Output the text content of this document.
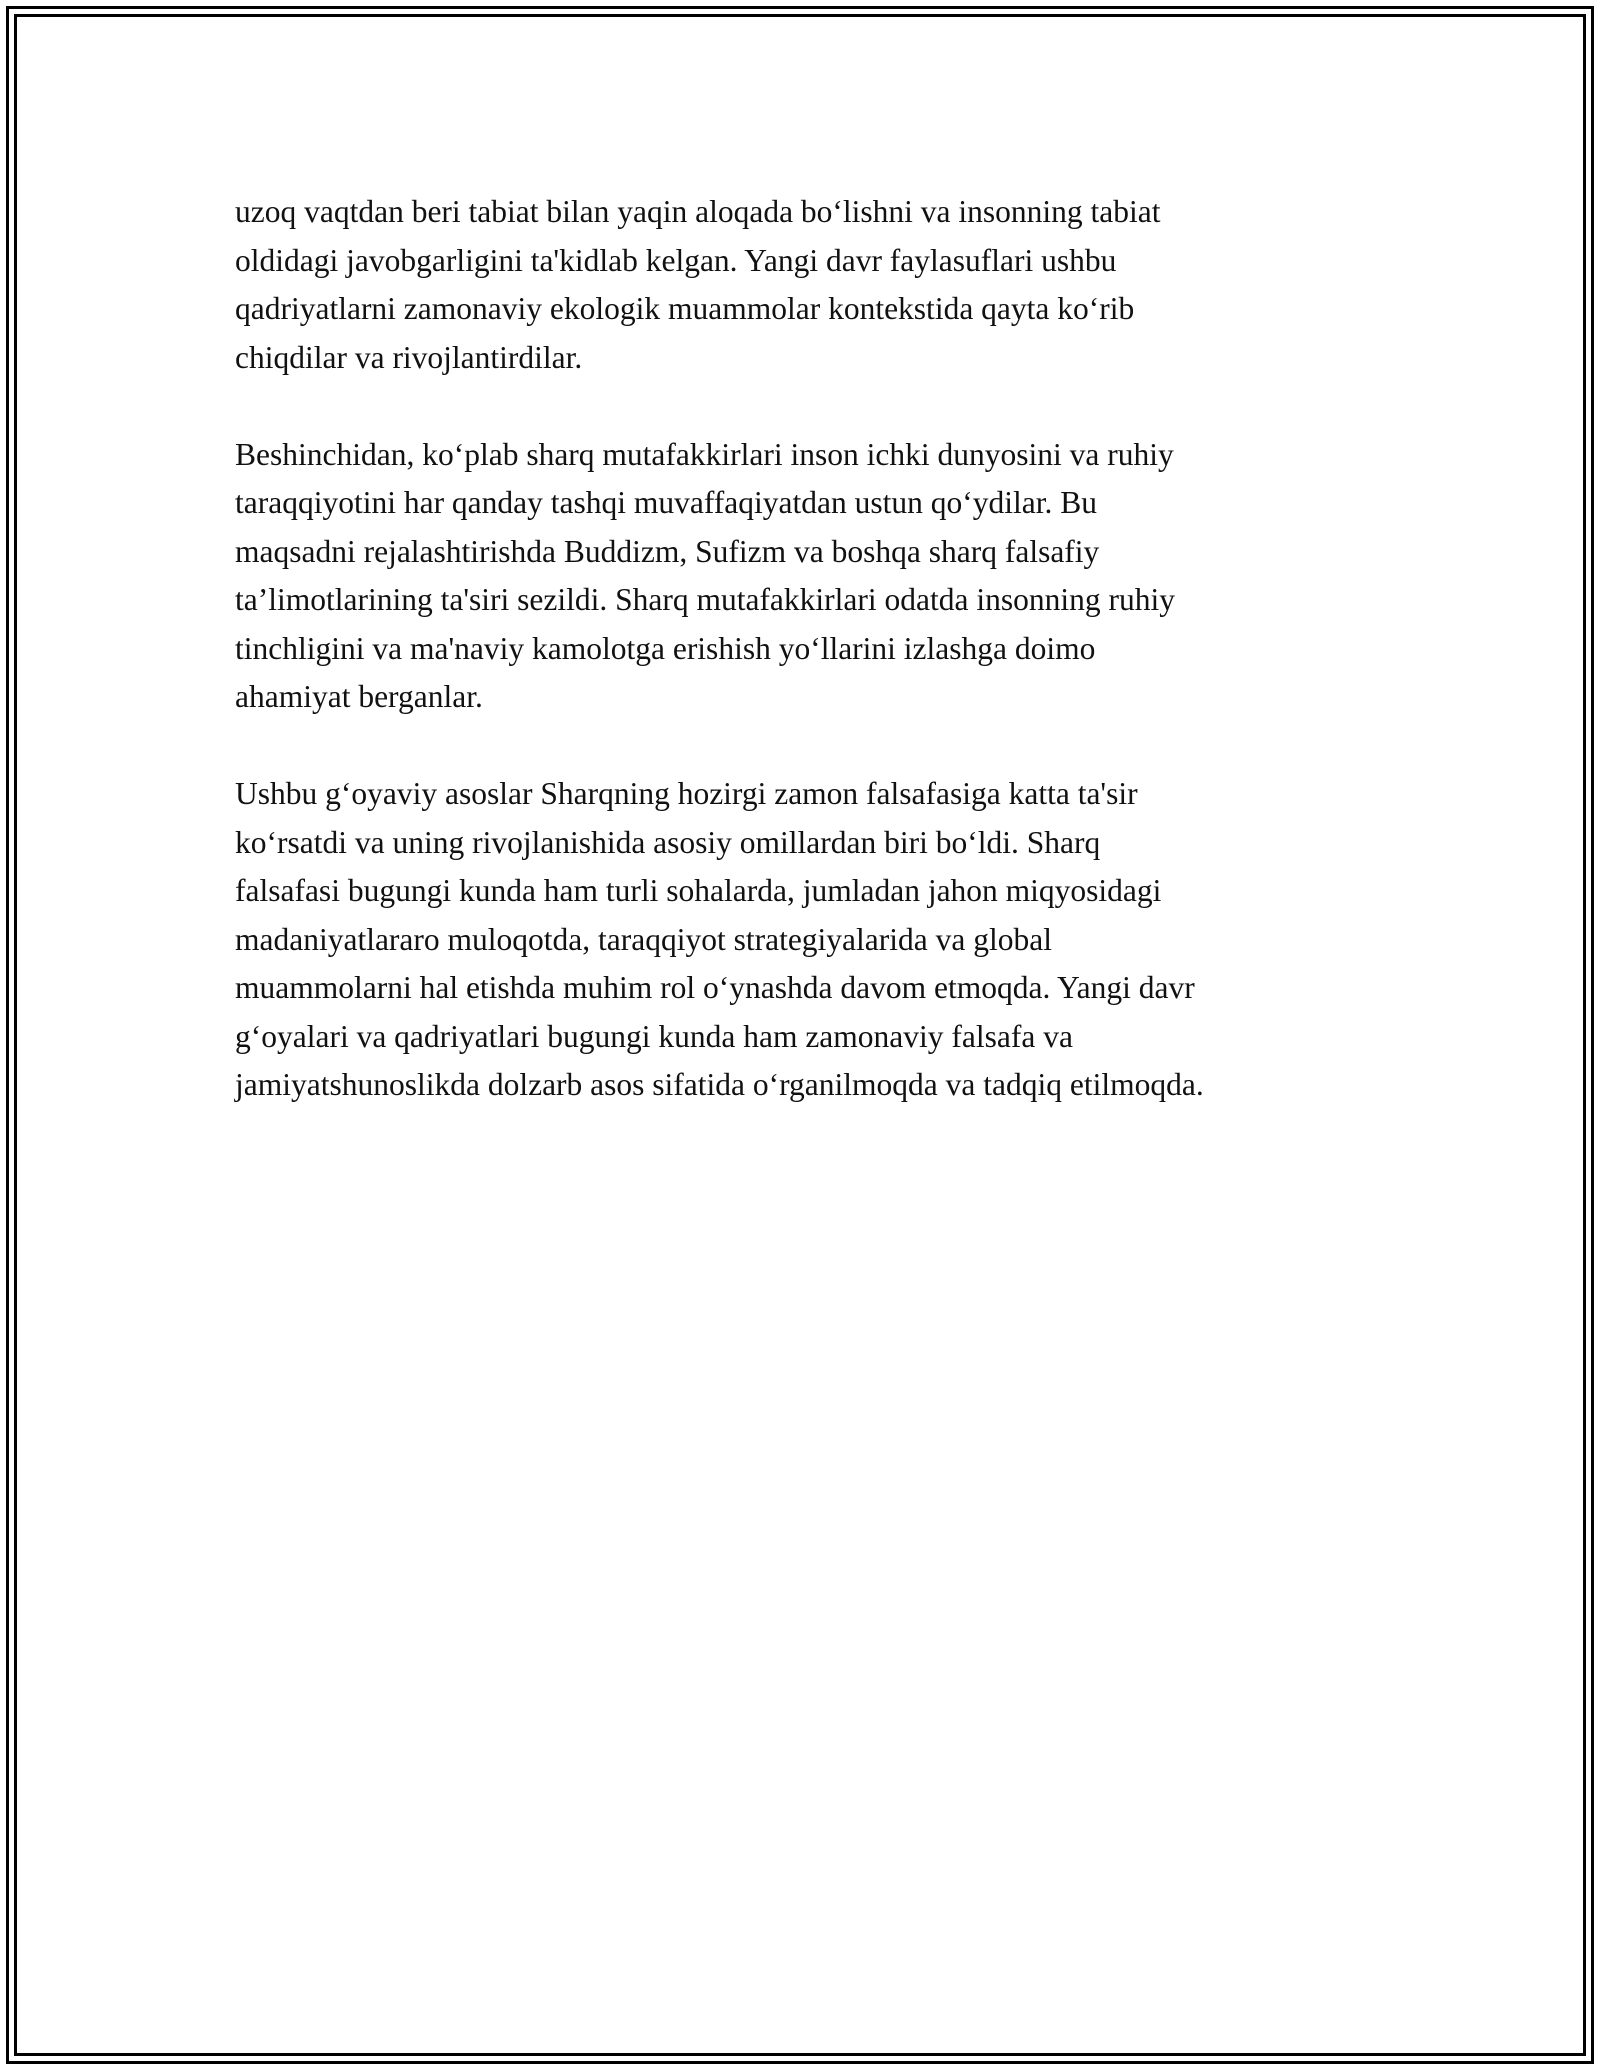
uzoq vaqtdan beri tabiat bilan yaqin aloqada bo‘lishni va insonning tabiat
oldidagi javobgarligini ta'kidlab kelgan. Yangi davr faylasuflari ushbu
qadriyatlarni zamonaviy ekologik muammolar kontekstida qayta ko‘rib
chiqdilar va rivojlantirdilar.

Beshinchidan, ko‘plab sharq mutafakkirlari inson ichki dunyosini va ruhiy
taraqqiyotini har qanday tashqi muvaffaqiyatdan ustun qo‘ydilar. Bu
maqsadni rejalashtirishda Buddizm, Sufizm va boshqa sharq falsafiy
ta’limotlarining ta'siri sezildi. Sharq mutafakkirlari odatda insonning ruhiy
tinchligini va ma'naviy kamolotga erishish yo‘llarini izlashga doimo
ahamiyat berganlar.

Ushbu g‘oyaviy asoslar Sharqning hozirgi zamon falsafasiga katta ta'sir
ko‘rsatdi va uning rivojlanishida asosiy omillardan biri bo‘ldi. Sharq
falsafasi bugungi kunda ham turli sohalarda, jumladan jahon miqyosidagi
madaniyatlararo muloqotda, taraqqiyot strategiyalarida va global
muammolarni hal etishda muhim rol o‘ynashda davom etmoqda. Yangi davr
g‘oyalari va qadriyatlari bugungi kunda ham zamonaviy falsafa va
jamiyatshunoslikda dolzarb asos sifatida o‘rganilmoqda va tadqiq etilmoqda.
